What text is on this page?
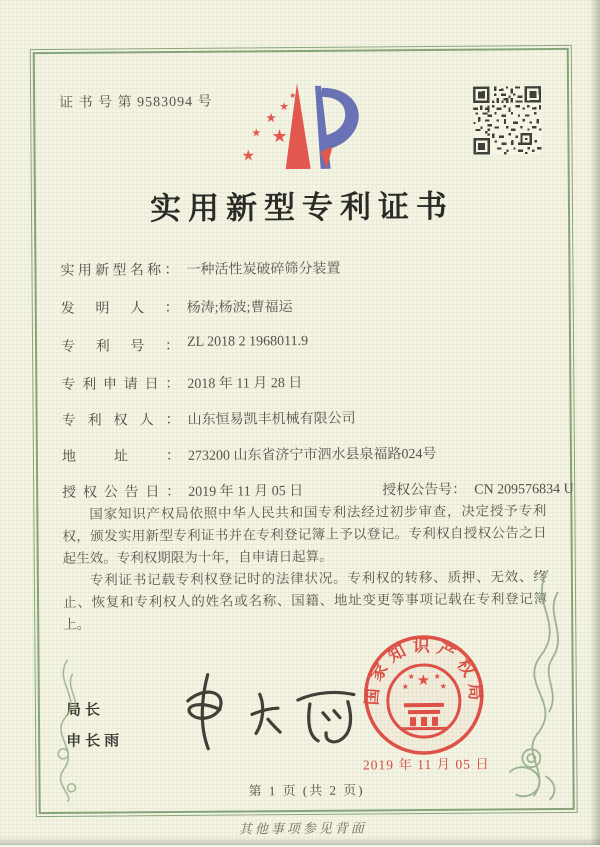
证 书 号 第 9583094 号	★
★
★
★
★
★
实用新型专利证书
实用新型名称： 一种活性炭破碎筛分装置
发明人： 杨涛;杨波;曹福运
专利号： ZL 2018 2 1968011.9
专利申请日： 2018 年 11 月 28 日
专利权人： 山东恒易凯丰机械有限公司
地址： 273200 山东省济宁市泗水县泉福路024号
授权公告日： 2019 年 11 月 05 日	授权公告号： CN 209576834 U

国家知识产权局依照中华人民共和国专利法经过初步审查，决定授予专利权，颁发实用新型专利证书并在专利登记簿上予以登记。专利权自授权公告之日起生效。专利权期限为十年，自申请日起算。

专利证书记载专利权登记时的法律状况。专利权的转移、质押、无效、终止、恢复和专利权人的姓名或名称、国籍、地址变更等事项记载在专利登记簿上。

局长
申长雨
国家知识产权局
★
★
★ ★
★
2019 年 11 月 05 日
第 1 页 (共 2 页)
其他事项参见背面
